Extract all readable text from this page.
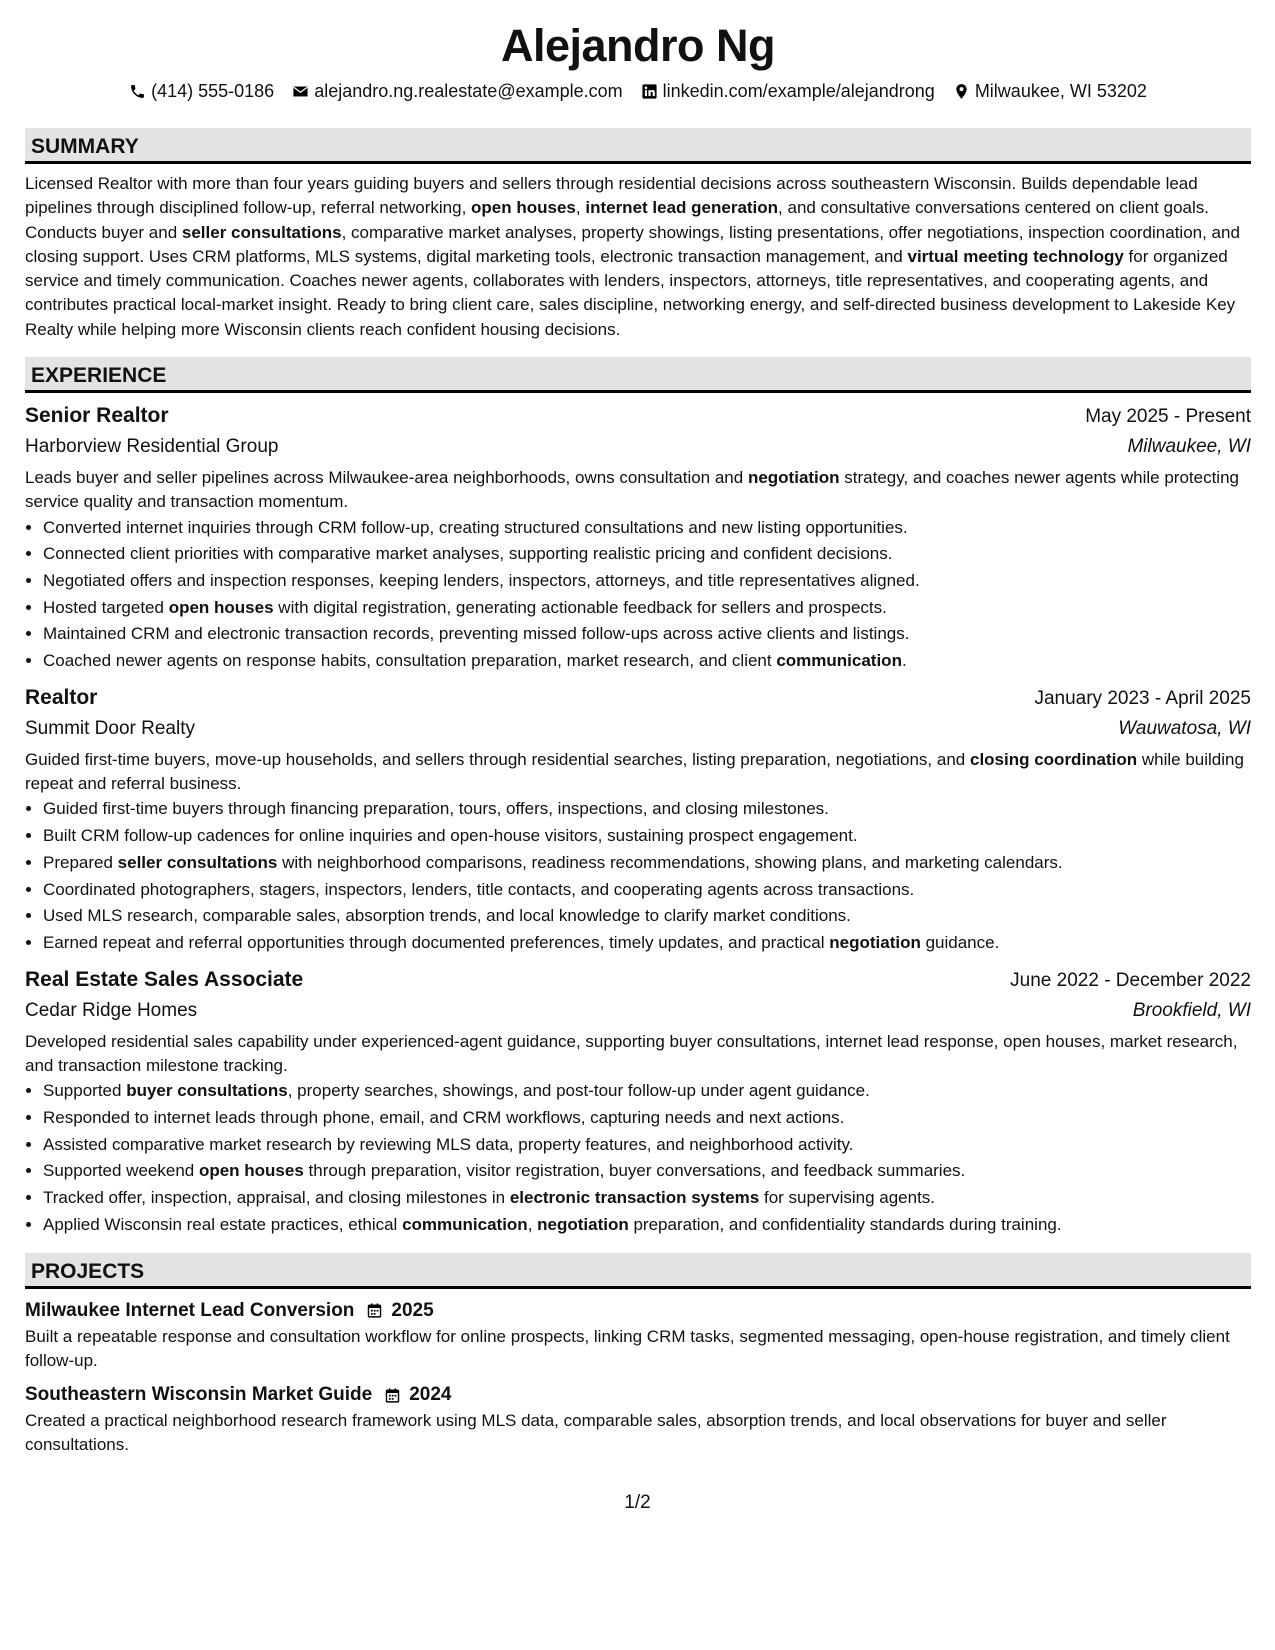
Alejandro Ng
(414) 555-0186 alejandro.ng.realestate@example.com linkedin.com/example/alejandrong Milwaukee, WI 53202
SUMMARY

Licensed Realtor with more than four years guiding buyers and sellers through residential decisions across southeastern Wisconsin. Builds dependable lead pipelines through disciplined follow-up, referral networking, open houses, internet lead generation, and consultative conversations centered on client goals. Conducts buyer and seller consultations, comparative market analyses, property showings, listing presentations, offer negotiations, inspection coordination, and closing support. Uses CRM platforms, MLS systems, digital marketing tools, electronic transaction management, and virtual meeting technology for organized service and timely communication. Coaches newer agents, collaborates with lenders, inspectors, attorneys, title representatives, and cooperating agents, and contributes practical local-market insight. Ready to bring client care, sales discipline, networking energy, and self-directed business development to Lakeside Key Realty while helping more Wisconsin clients reach confident housing decisions.

EXPERIENCE
Senior Realtor	May 2025 - Present
Harborview Residential Group	Milwaukee, WI

Leads buyer and seller pipelines across Milwaukee-area neighborhoods, owns consultation and negotiation strategy, and coaches newer agents while protecting service quality and transaction momentum.

• Converted internet inquiries through CRM follow-up, creating structured consultations and new listing opportunities.
• Connected client priorities with comparative market analyses, supporting realistic pricing and confident decisions.
• Negotiated offers and inspection responses, keeping lenders, inspectors, attorneys, and title representatives aligned.
• Hosted targeted open houses with digital registration, generating actionable feedback for sellers and prospects.
• Maintained CRM and electronic transaction records, preventing missed follow-ups across active clients and listings.
• Coached newer agents on response habits, consultation preparation, market research, and client communication.
Realtor	January 2023 - April 2025
Summit Door Realty	Wauwatosa, WI

Guided first-time buyers, move-up households, and sellers through residential searches, listing preparation, negotiations, and closing coordination while building repeat and referral business.

• Guided first-time buyers through financing preparation, tours, offers, inspections, and closing milestones.
• Built CRM follow-up cadences for online inquiries and open-house visitors, sustaining prospect engagement.
• Prepared seller consultations with neighborhood comparisons, readiness recommendations, showing plans, and marketing calendars.
• Coordinated photographers, stagers, inspectors, lenders, title contacts, and cooperating agents across transactions.
• Used MLS research, comparable sales, absorption trends, and local knowledge to clarify market conditions.
• Earned repeat and referral opportunities through documented preferences, timely updates, and practical negotiation guidance.
Real Estate Sales Associate	June 2022 - December 2022
Cedar Ridge Homes	Brookfield, WI

Developed residential sales capability under experienced-agent guidance, supporting buyer consultations, internet lead response, open houses, market research, and transaction milestone tracking.

• Supported buyer consultations, property searches, showings, and post-tour follow-up under agent guidance.
• Responded to internet leads through phone, email, and CRM workflows, capturing needs and next actions.
• Assisted comparative market research by reviewing MLS data, property features, and neighborhood activity.
• Supported weekend open houses through preparation, visitor registration, buyer conversations, and feedback summaries.
• Tracked offer, inspection, appraisal, and closing milestones in electronic transaction systems for supervising agents.
• Applied Wisconsin real estate practices, ethical communication, negotiation preparation, and confidentiality standards during training.
PROJECTS
Milwaukee Internet Lead Conversion 2025

Built a repeatable response and consultation workflow for online prospects, linking CRM tasks, segmented messaging, open-house registration, and timely client follow-up.

Southeastern Wisconsin Market Guide 2024

Created a practical neighborhood research framework using MLS data, comparable sales, absorption trends, and local observations for buyer and seller consultations.

1/2
